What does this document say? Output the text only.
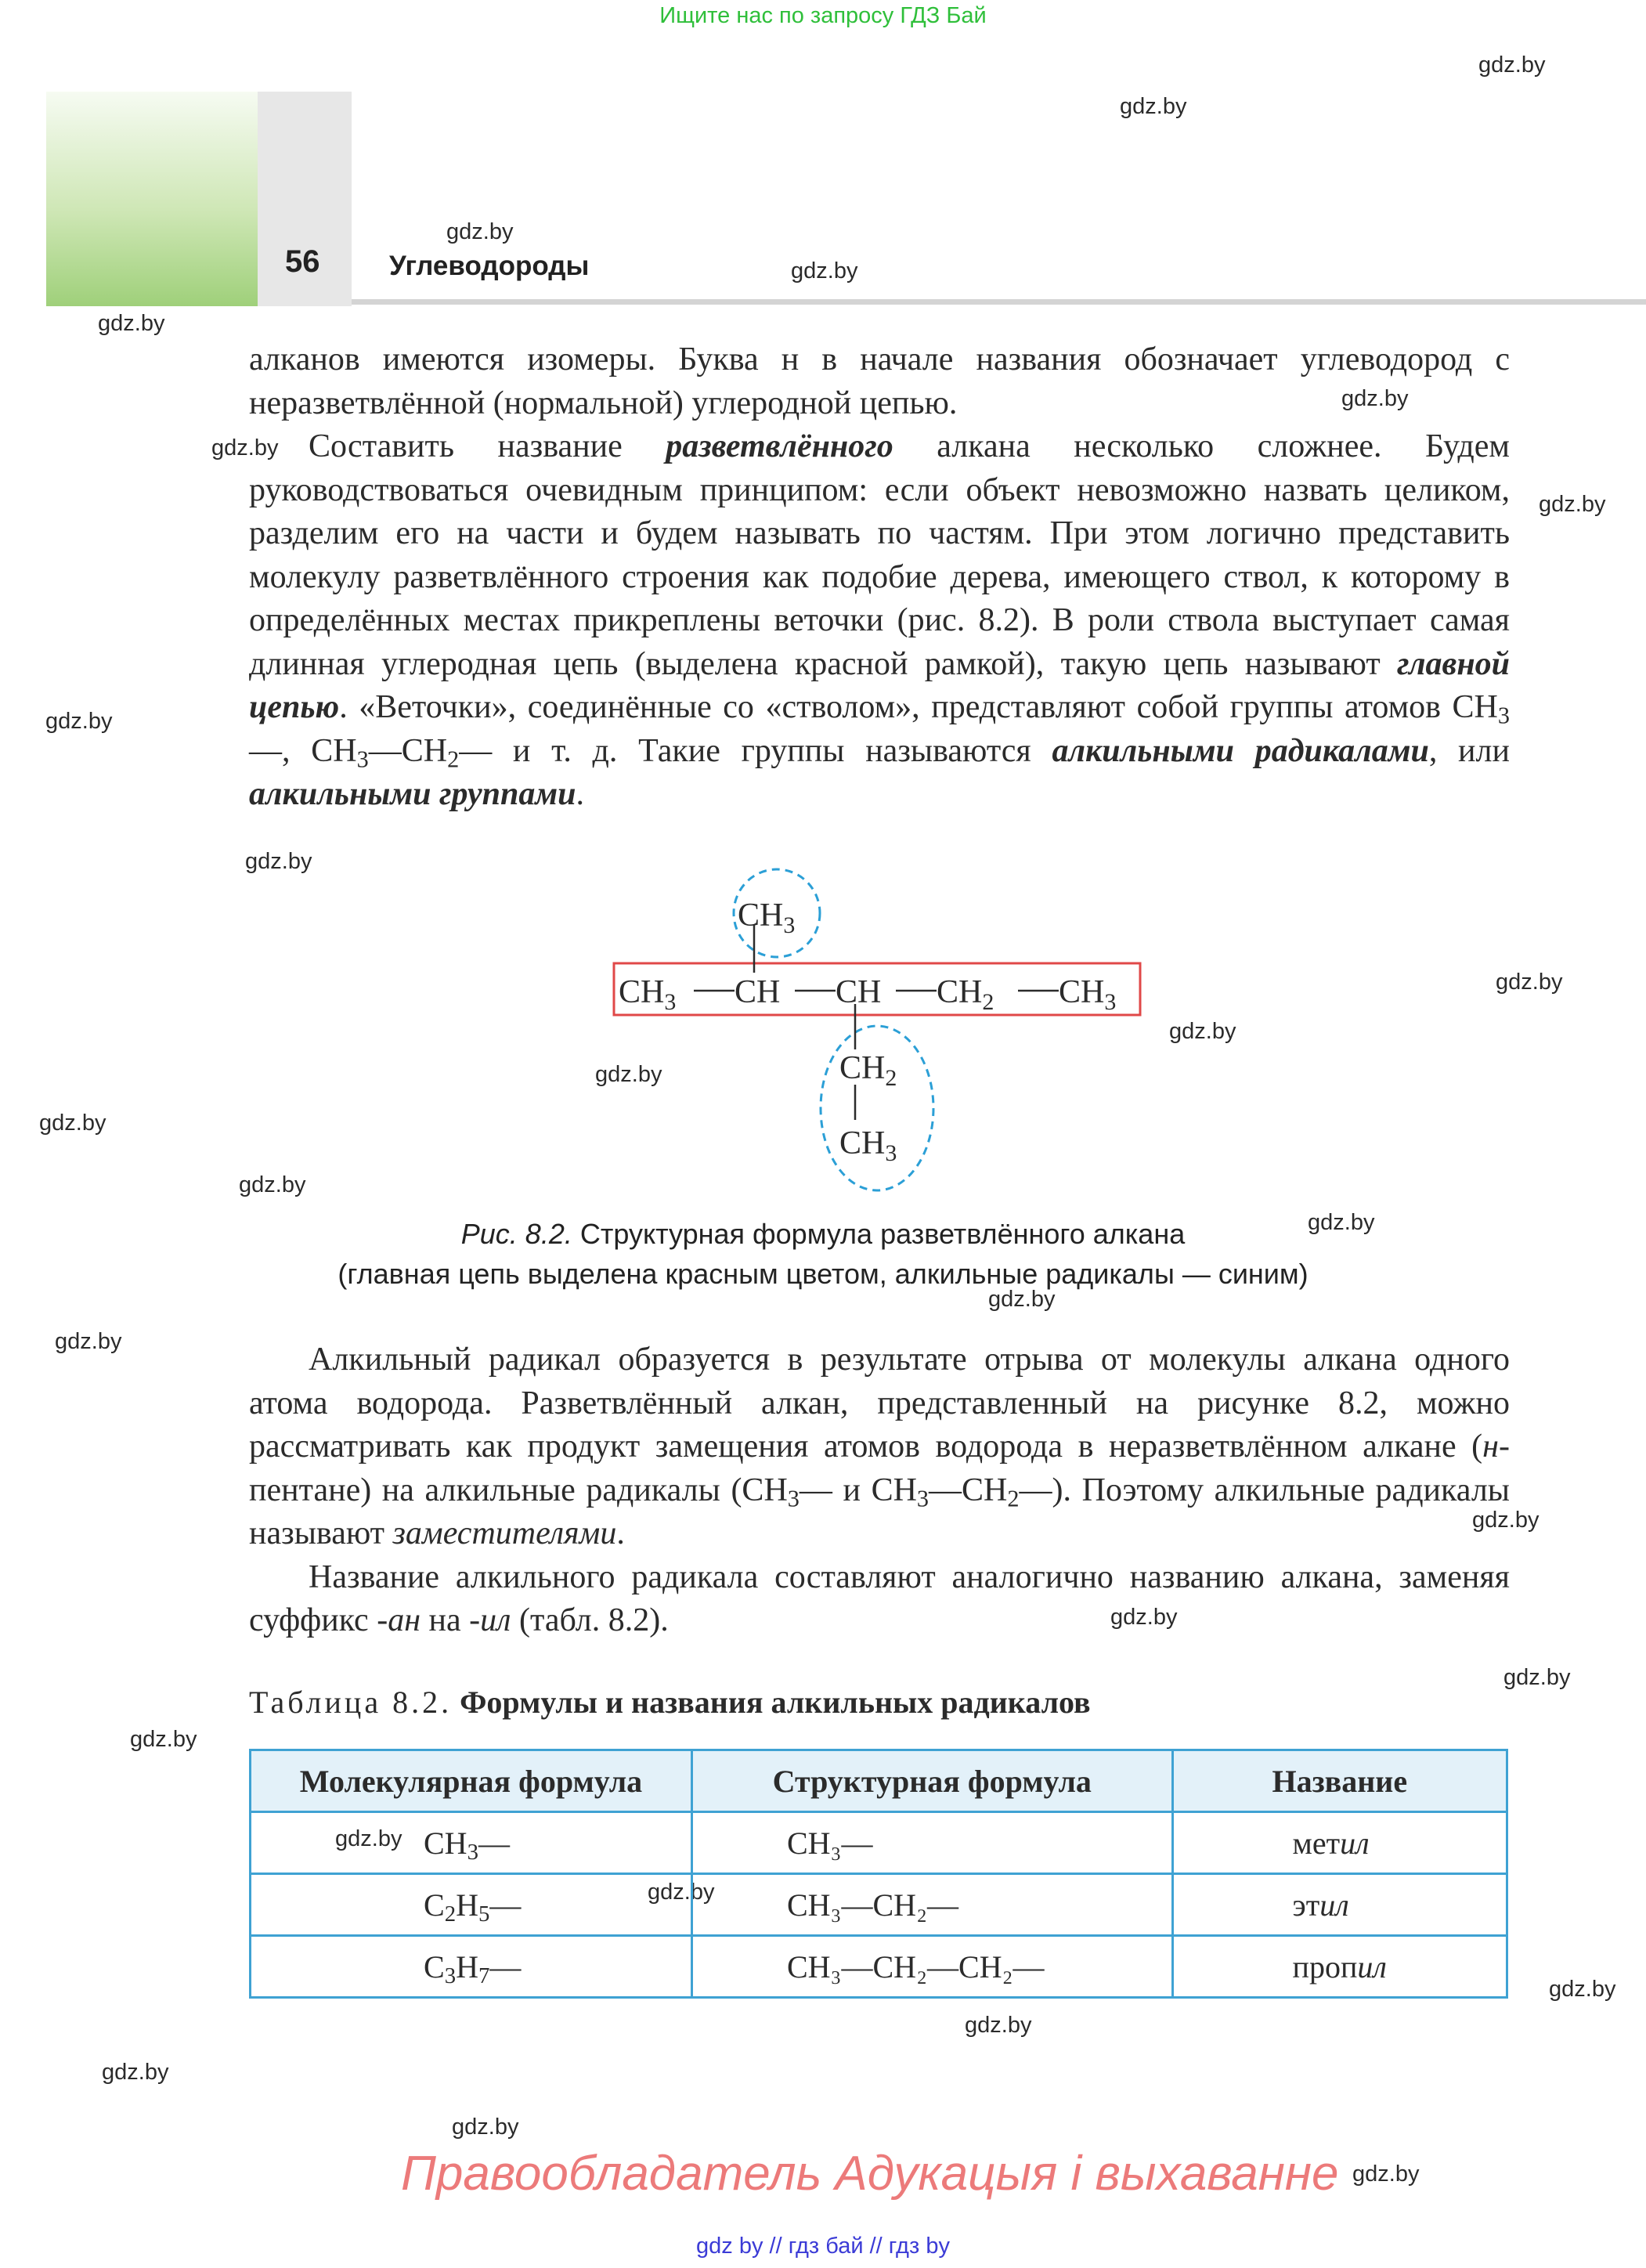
Ищите нас по запросу ГДЗ Бай
56	Углеводороды
gdz.by
gdz.by
gdz.by
gdz.by
gdz.by
gdz.by
gdz.by
gdz.by
gdz.by
gdz.by
gdz.by
gdz.by
gdz.by
gdz.by
gdz.by
gdz.by
gdz.by
gdz.by
gdz.by
gdz.by
gdz.by
gdz.by
gdz.by
gdz.by
gdz.by
gdz.by
gdz.by
gdz.by
gdz.by

алканов имеются изомеры. Буква н в начале названия обозначает углеводород с неразветвлённой (нормальной) углеродной цепью.

Составить название разветвлённого алкана несколько сложнее. Будем руководствоваться очевидным принципом: если объект невозможно назвать целиком, разделим его на части и будем называть по частям. При этом логично представить молекулу разветвлённого строения как подобие дерева, имеющего ствол, к которому в определённых местах прикреплены веточки (рис. 8.2). В роли ствола выступает самая длинная углеродная цепь (выделена красной рамкой), такую цепь называют главной цепью. «Веточки», соединённые со «стволом», представляют собой группы атомов $CH_3—$, $CH_3—CH_2—$ и т. д. Такие группы называются алкильными радикалами, или алкильными группами.

$CH_3$ CH CH $CH_2$ $CH_3$
$CH_3$
$CH_2$
$CH_3$
Рис. 8.2. Структурная формула разветвлённого алкана
(главная цепь выделена красным цветом, алкильные радикалы — синим)

Алкильный радикал образуется в результате отрыва от молекулы алкана одного атома водорода. Разветвлённый алкан, представленный на рисунке 8.2, можно рассматривать как продукт замещения атомов водорода в неразветвлённом алкане (н-пентане) на алкильные радикалы ($CH_3—$ и $CH_3—CH_2—$). Поэтому алкильные радикалы называют заместителями.

Название алкильного радикала составляют аналогично названию алкана, заменяя суффикс -ан на -ил (табл. 8.2).

Таблица 8.2. Формулы и названия алкильных радикалов
Молекулярная формула	Структурная формула	Название
$CH_3—$	CH₃—	метил
$C_2H_5—$	CH₃—CH₂—	этил
$C_3H_7—$	CH₃—CH₂—CH₂—	пропил
Правообладатель Адукацыя і выхаванне
gdz by // гдз бай // гдз by
